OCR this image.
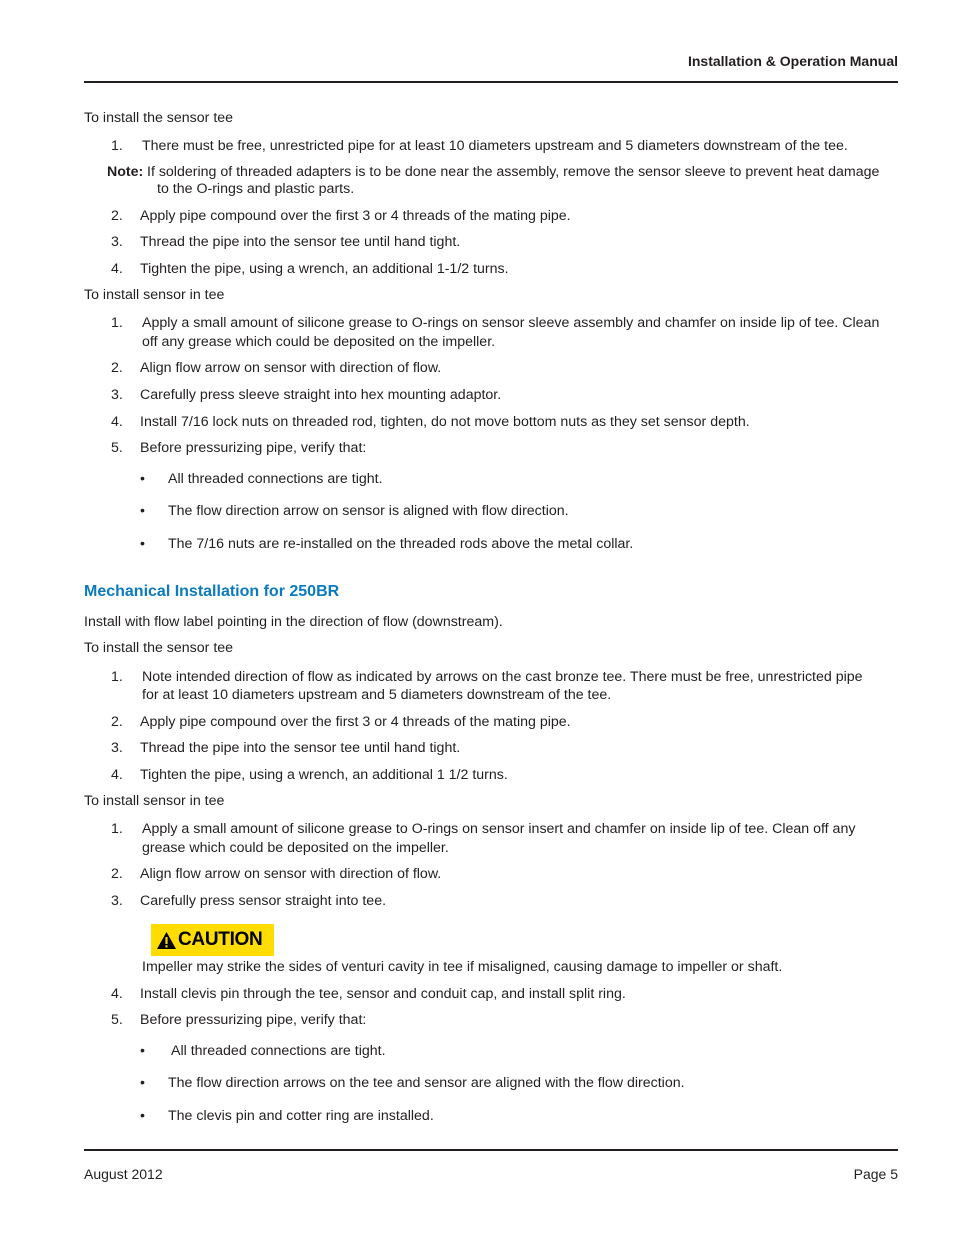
Installation & Operation Manual
To install the sensor tee
1. There must be free, unrestricted pipe for at least 10 diameters upstream and 5 diameters downstream of the tee.
Note: If soldering of threaded adapters is to be done near the assembly, remove the sensor sleeve to prevent heat damage
to the O-rings and plastic parts.
2. Apply pipe compound over the first 3 or 4 threads of the mating pipe.
3. Thread the pipe into the sensor tee until hand tight.
4. Tighten the pipe, using a wrench, an additional 1-1/2 turns.
To install sensor in tee
1. Apply a small amount of silicone grease to O-rings on sensor sleeve assembly and chamfer on inside lip of tee. Clean
off any grease which could be deposited on the impeller.
2. Align flow arrow on sensor with direction of flow.
3. Carefully press sleeve straight into hex mounting adaptor.
4. Install 7/16 lock nuts on threaded rod, tighten, do not move bottom nuts as they set sensor depth.
5. Before pressurizing pipe, verify that:
• All threaded connections are tight.
• The flow direction arrow on sensor is aligned with flow direction.
• The 7/16 nuts are re-installed on the threaded rods above the metal collar.
Mechanical Installation for 250BR
Install with flow label pointing in the direction of flow (downstream).
To install the sensor tee
1. Note intended direction of flow as indicated by arrows on the cast bronze tee. There must be free, unrestricted pipe
for at least 10 diameters upstream and 5 diameters downstream of the tee.
2. Apply pipe compound over the first 3 or 4 threads of the mating pipe.
3. Thread the pipe into the sensor tee until hand tight.
4. Tighten the pipe, using a wrench, an additional 1 1/2 turns.
To install sensor in tee
1. Apply a small amount of silicone grease to O-rings on sensor insert and chamfer on inside lip of tee. Clean off any
grease which could be deposited on the impeller.
2. Align flow arrow on sensor with direction of flow.
3. Carefully press sensor straight into tee.
CAUTION
Impeller may strike the sides of venturi cavity in tee if misaligned, causing damage to impeller or shaft.
4. Install clevis pin through the tee, sensor and conduit cap, and install split ring.
5. Before pressurizing pipe, verify that:
• All threaded connections are tight.
• The flow direction arrows on the tee and sensor are aligned with the flow direction.
• The clevis pin and cotter ring are installed.
August 2012	Page 5
